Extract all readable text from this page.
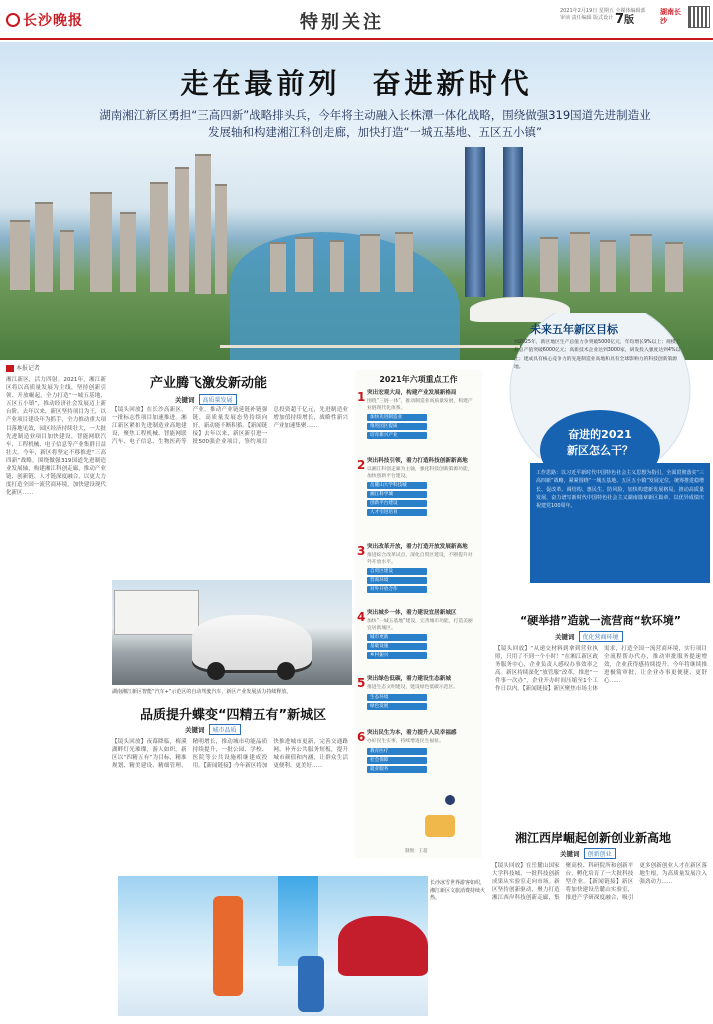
长沙晚报	特别关注
2021年2月19日 星期五 全媒体编辑部审读 责任编辑 版式设计 7版
湖南长沙
走在最前列　奋进新时代
湖南湘江新区勇担“三高四新”战略排头兵，今年将主动融入长株潭一体化战略，围绕做强319国道先进制造业发展轴和构建湘江科创走廊，加快打造“一城五基地、五区五小镇”
本报记者
湘江新区，活力四射。2021年，湘江新区将以高质量发展为主线，坚持创新引领、开放崛起，全力打造“一城五基地、五区五小镇”，推动经济社会发展迈上新台阶。去年以来，新区坚持项目为王，以产业项目建设年为抓手，全力推动重大项目落地见效，园区经济持续壮大，一大批先进制造业项目加快建设，智能网联汽车、工程机械、电子信息等产业集群日益壮大。今年，新区将坚定不移推进“三高四新”战略，围绕做强319国道先进制造业发展轴，构建湘江科创走廊，推动产业链、创新链、人才链深度融合，以更大力度打造全国一流营商环境，加快建设现代化新区……
产业腾飞激发新动能
关键词 高质量发展
【镜头回放】在长沙高新区，一批标志性项目加速推进。湘江新区紧扣先进制造业高地建设，聚焦工程机械、智能网联汽车、电子信息、生物医药等产业，推动产业链延链补链强链，高质量发展态势持续向好，新动能不断积蓄。【新闻链接】去年以来，新区新引进一批500强企业项目，签约项目总投资超千亿元，先进制造业增加值持续增长，战略性新兴产业加速集聚……
湖南湘江新区智能“汽车+”示范区的自动驾驶汽车，新区产业发展活力持续释放。
2021年六项重点工作
1 突出宏观大局，构建产业发展新格局
围绕“三链一体”，推动制造业高质量发展，构建产业链现代化体系。
加快先进制造业
推进园区提质
培育新兴产业
2 突出科技引领，着力打造科技创新新高地
以湘江科创走廊为主轴，强化科技创新策源功能，加快创新平台建设。
岳麓山大学科技城
湘江科学城
创新平台建设
人才引进培育
3 突出改革开放，着力打造开放发展新高地
推进综合改革试点，深化自贸区建设，不断提升对外开放水平。
自贸区建设
营商环境
对外开放合作
4 突出城乡一体，着力建设宜居新城区
加快“一城五基地”建设，完善城市功能，打造美丽宜居新城区。
城市更新
基础设施
乡村振兴
5 突出绿色低碳，着力建设生态新城
推进生态文明建设，建设绿色低碳示范区。
生态环境
绿色发展
6 突出民生为本，着力提升人民幸福感
办好民生实事，持续增进民生福祉。
教育医疗
社会保障
就业服务
制图：王超
未来五年新区目标
到2025年，新区地区生产总值力争突破5000亿元，年均增长9%以上；规模工业总产值突破6000亿元；高新技术企业达到3000家，研发投入强度达到4%以上；建成具有核心竞争力的先进制造业高地和具有全球影响力的科技创新策源地。
奋进的2021
新区怎么干？
工作思路：以习近平新时代中国特色社会主义思想为指引，全面贯彻落实“三高四新”战略，紧紧围绕“一城五基地、五区五小镇”发展定位，统筹推进稳增长、促改革、调结构、惠民生、防风险，加快构建新发展格局，推动高质量发展，奋力谱写新时代中国特色社会主义湖南篇章新区篇章，以优异成绩庆祝建党100周年。
“硬举措”造就一流营商“软环境”
关键词 优化营商环境
【镜头回放】“从递交材料到拿到营业执照，只用了不到一个小时！”在湘江新区政务服务中心，企业负责人感叹办事效率之高。新区持续深化“放管服”改革，推进“一件事一次办”，企业开办时间压缩至1个工作日以内。【新闻链接】新区聚焦市场主体需求，打造全国一流营商环境，实行项目全流程帮办代办，推动审批服务提速增效，企业获得感持续提升。今年将继续推进极简审批，让企业办事更便捷、更舒心……
品质提升蝶变“四精五有”新城区
关键词 城市品质
【镜头回放】夜幕降临，梅溪湖畔灯光璀璨，游人如织。新区以“四精五有”为目标，精准规划、精美建设、精细管理、精明增长，推动城市功能品质持续提升，一批公园、学校、医院等公共设施相继建成投用。【新闻链接】今年新区将加快推进城市更新，完善交通路网，补齐公共服务短板，提升城市颜值和内涵，让群众生活更便利、更美好……
长沙冰雪世界游客如织，湘江新区文旅消费持续火热。
湘江西岸崛起创新创业新高地
关键词 创新创业
【镜头回放】在岳麓山国家大学科技城，一批科技创新成果从实验室走向市场。新区坚持创新驱动，聚力打造湘江西岸科技创新走廊，集聚高校、科研院所和创新平台，孵化培育了一大批科技型企业。【新闻链接】新区将加快建设岳麓山实验室，推进产学研深度融合，吸引更多创新创业人才在新区落地生根，为高质量发展注入强劲动力……
